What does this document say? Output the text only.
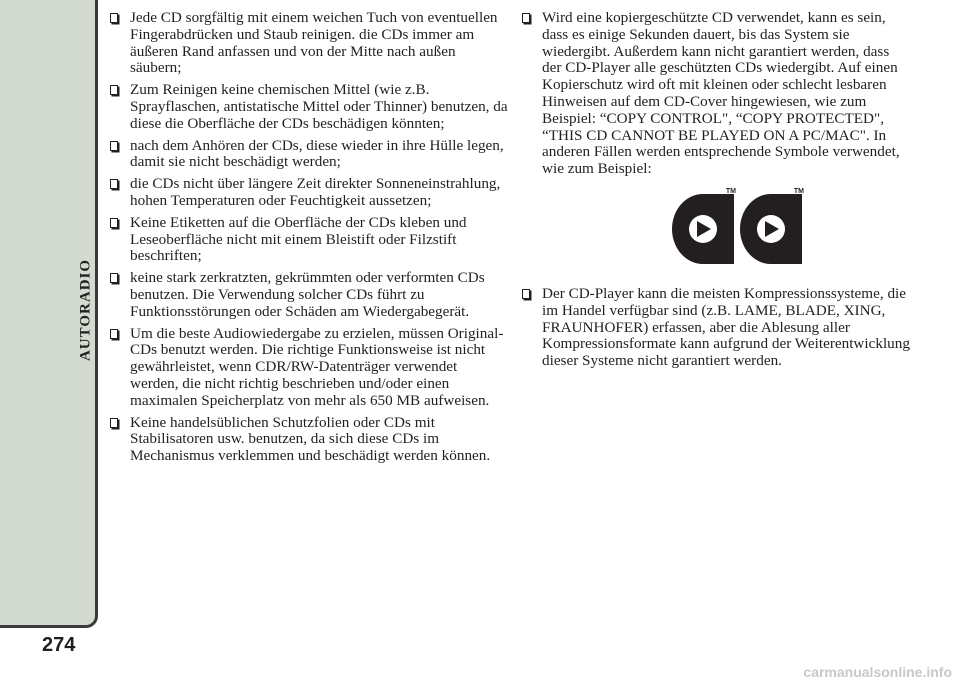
AUTORADIO
274
Jede CD sorgfältig mit einem weichen Tuch von eventuellen Fingerabdrücken und Staub reinigen. die CDs immer am äußeren Rand anfassen und von der Mitte nach außen säubern;
Zum Reinigen keine chemischen Mittel (wie z.B. Sprayflaschen, antistatische Mittel oder Thinner) benutzen, da diese die Oberfläche der CDs beschädigen könnten;
nach dem Anhören der CDs, diese wieder in ihre Hülle legen, damit sie nicht beschädigt werden;
die CDs nicht über längere Zeit direkter Sonneneinstrahlung, hohen Temperaturen oder Feuchtigkeit aussetzen;
Keine Etiketten auf die Oberfläche der CDs kleben und Leseoberfläche nicht mit einem Bleistift oder Filzstift beschriften;
keine stark zerkratzten, gekrümmten oder verformten CDs benutzen. Die Verwendung solcher CDs führt zu Funktionsstörungen oder Schäden am Wiedergabegerät.
Um die beste Audiowiedergabe zu erzielen, müssen Original-CDs benutzt werden. Die richtige Funktionsweise ist nicht gewährleistet, wenn CDR/RW-Datenträger verwendet werden, die nicht richtig beschrieben und/oder einen maximalen Speicherplatz von mehr als 650 MB aufweisen.
Keine handelsüblichen Schutzfolien oder CDs mit Stabilisatoren usw. benutzen, da sich diese CDs im Mechanismus verklemmen und beschädigt werden können.
Wird eine kopiergeschützte CD verwendet, kann es sein, dass es einige Sekunden dauert, bis das System sie wiedergibt. Außerdem kann nicht garantiert werden, dass der CD-Player alle geschützten CDs wiedergibt. Auf einen Kopierschutz wird oft mit kleinen oder schlecht lesbaren Hinweisen auf dem CD-Cover hingewiesen, wie zum Beispiel: “COPY CONTROL", “COPY PROTECTED", “THIS CD CANNOT BE PLAYED ON A PC/MAC". In anderen Fällen werden entsprechende Symbole verwendet, wie zum Beispiel:
TM	TM
Der CD-Player kann die meisten Kompressionssysteme, die im Handel verfügbar sind (z.B. LAME, BLADE, XING, FRAUNHOFER) erfassen, aber die Ablesung aller Kompressionsformate kann aufgrund der Weiterentwicklung dieser Systeme nicht garantiert werden.
carmanualsonline.info
